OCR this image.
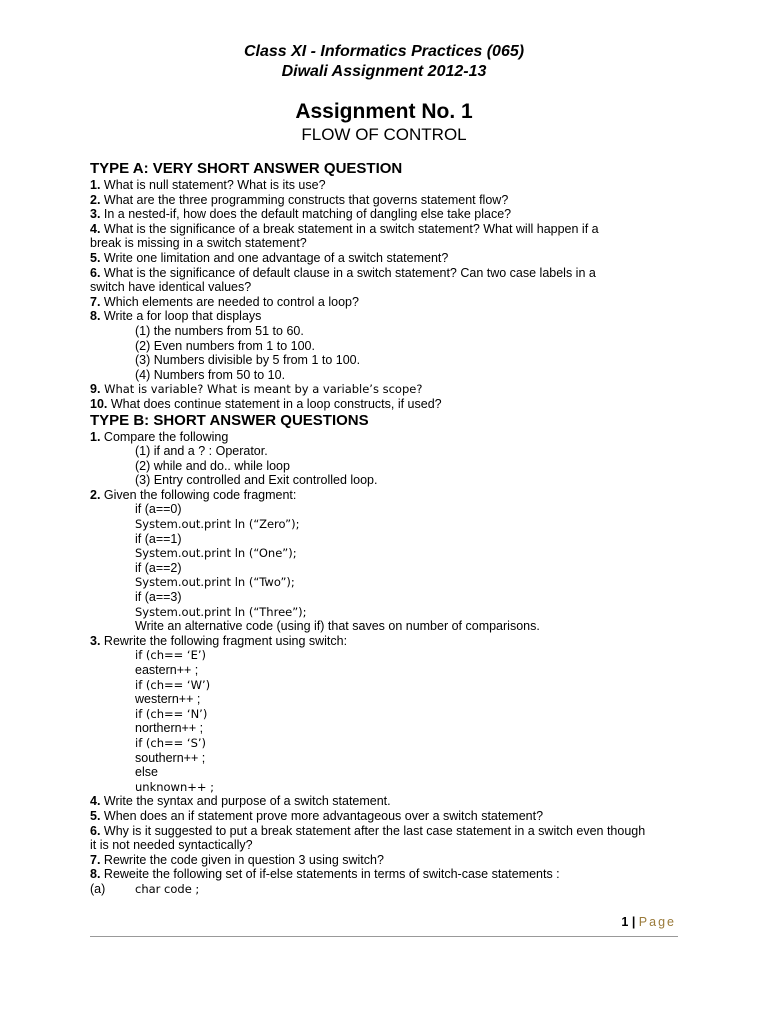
Class XI - Informatics Practices (065)
Diwali Assignment 2012-13
Assignment No. 1
FLOW OF CONTROL
TYPE A: VERY SHORT ANSWER QUESTION
1. What is null statement? What is its use?
2. What are the three programming constructs that governs statement flow?
3. In a nested-if, how does the default matching of dangling else take place?
4. What is the significance of a break statement in a switch statement? What will happen if a
break is missing in a switch statement?
5. Write one limitation and one advantage of a switch statement?
6. What is the significance of default clause in a switch statement? Can two case labels in a
switch have identical values?
7. Which elements are needed to control a loop?
8. Write a for loop that displays
(1) the numbers from 51 to 60.
(2) Even numbers from 1 to 100.
(3) Numbers divisible by 5 from 1 to 100.
(4) Numbers from 50 to 10.
9. What is variable? What is meant by a variable’s scope?
10. What does continue statement in a loop constructs, if used?
TYPE B: SHORT ANSWER QUESTIONS
1. Compare the following
(1) if and a ? : Operator.
(2) while and do.. while loop
(3) Entry controlled and Exit controlled loop.
2. Given the following code fragment:
if (a==0)
System.out.print ln (“Zero”);
if (a==1)
System.out.print ln (“One”);
if (a==2)
System.out.print ln (“Two”);
if (a==3)
System.out.print ln (“Three”);
Write an alternative code (using if) that saves on number of comparisons.
3. Rewrite the following fragment using switch:
if (ch== ‘E’)
eastern++ ;
if (ch== ‘W’)
western++ ;
if (ch== ‘N’)
northern++ ;
if (ch== ‘S’)
southern++ ;
else
unknown++ ;
4. Write the syntax and purpose of a switch statement.
5. When does an if statement prove more advantageous over a switch statement?
6. Why is it suggested to put a break statement after the last case statement in a switch even though
it is not needed syntactically?
7. Rewrite the code given in question 3 using switch?
8. Reweite the following set of if-else statements in terms of switch-case statements :
(a)	char code ;
1 | Page
